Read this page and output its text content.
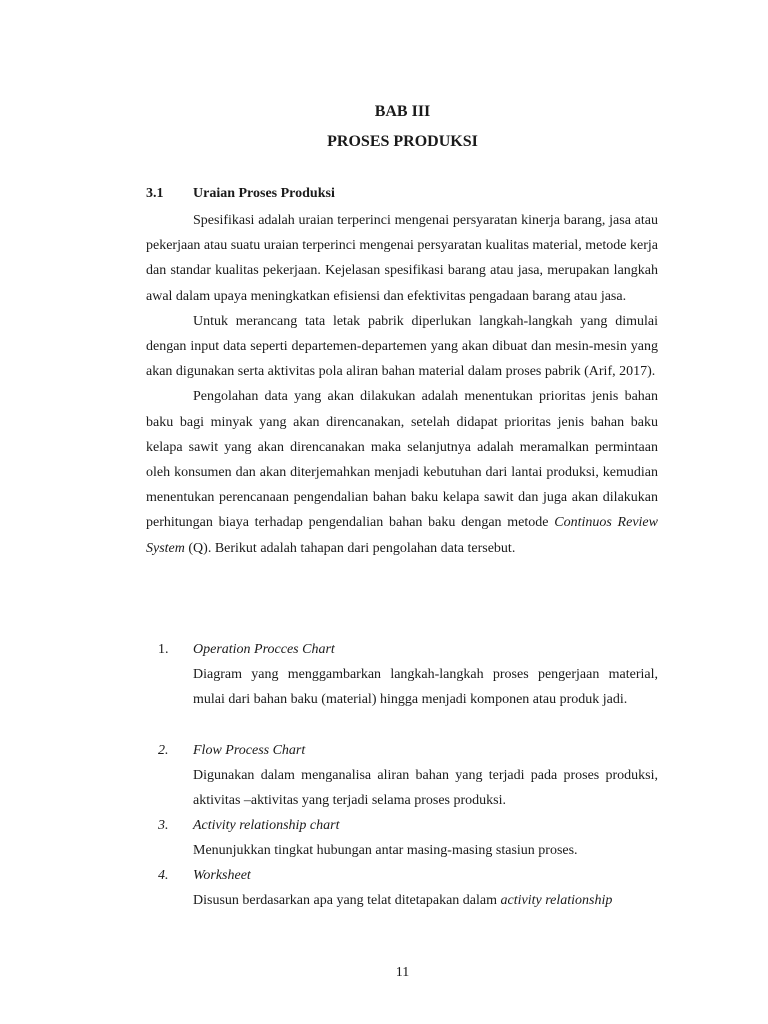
BAB III
PROSES PRODUKSI
3.1 Uraian Proses Produksi

Spesifikasi adalah uraian terperinci mengenai persyaratan kinerja barang, jasa atau pekerjaan atau suatu uraian terperinci mengenai persyaratan kualitas material, metode kerja dan standar kualitas pekerjaan. Kejelasan spesifikasi barang atau jasa, merupakan langkah awal dalam upaya meningkatkan efisiensi dan efektivitas pengadaan barang atau jasa.

Untuk merancang tata letak pabrik diperlukan langkah-langkah yang dimulai dengan input data seperti departemen-departemen yang akan dibuat dan mesin-mesin yang akan digunakan serta aktivitas pola aliran bahan material dalam proses pabrik (Arif, 2017).

Pengolahan data yang akan dilakukan adalah menentukan prioritas jenis bahan baku bagi minyak yang akan direncanakan, setelah didapat prioritas jenis bahan baku kelapa sawit yang akan direncanakan maka selanjutnya adalah meramalkan permintaan oleh konsumen dan akan diterjemahkan menjadi kebutuhan dari lantai produksi, kemudian menentukan perencanaan pengendalian bahan baku kelapa sawit dan juga akan dilakukan perhitungan biaya terhadap pengendalian bahan baku dengan metode Continuos Review System (Q). Berikut adalah tahapan dari pengolahan data tersebut.

1. Operation Procces Chart

Diagram yang menggambarkan langkah-langkah proses pengerjaan material, mulai dari bahan baku (material) hingga menjadi komponen atau produk jadi.

2. Flow Process Chart

Digunakan dalam menganalisa aliran bahan yang terjadi pada proses produksi, aktivitas –aktivitas yang terjadi selama proses produksi.

3. Activity relationship chart

Menunjukkan tingkat hubungan antar masing-masing stasiun proses.

4. Worksheet

Disusun berdasarkan apa yang telat ditetapakan dalam activity relationship

11
